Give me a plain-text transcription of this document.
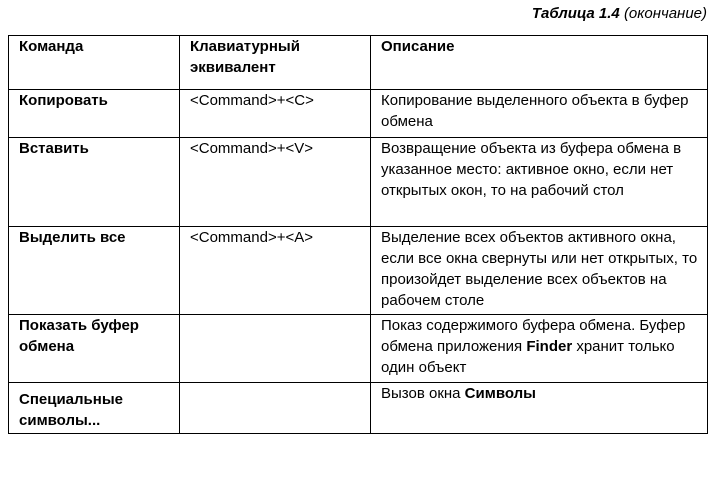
Таблица 1.4 (окончание)
Команда	Клавиатурный эквивалент	Описание
Копировать	<Command>+<C>	Копирование выделенного объекта в буфер обмена
Вставить	<Command>+<V>	Возвращение объекта из буфера обмена в указанное место: активное окно, если нет открытых окон, то на рабочий стол
Выделить все	<Command>+<A>	Выделение всех объектов активного окна, если все окна свернуты или нет открытых, то произойдет выделение всех объектов на рабочем столе
Показать буфер обмена		Показ содержимого буфера обмена. Буфер обмена приложения Finder хранит только один объект
Специальные символы...		Вызов окна Символы
